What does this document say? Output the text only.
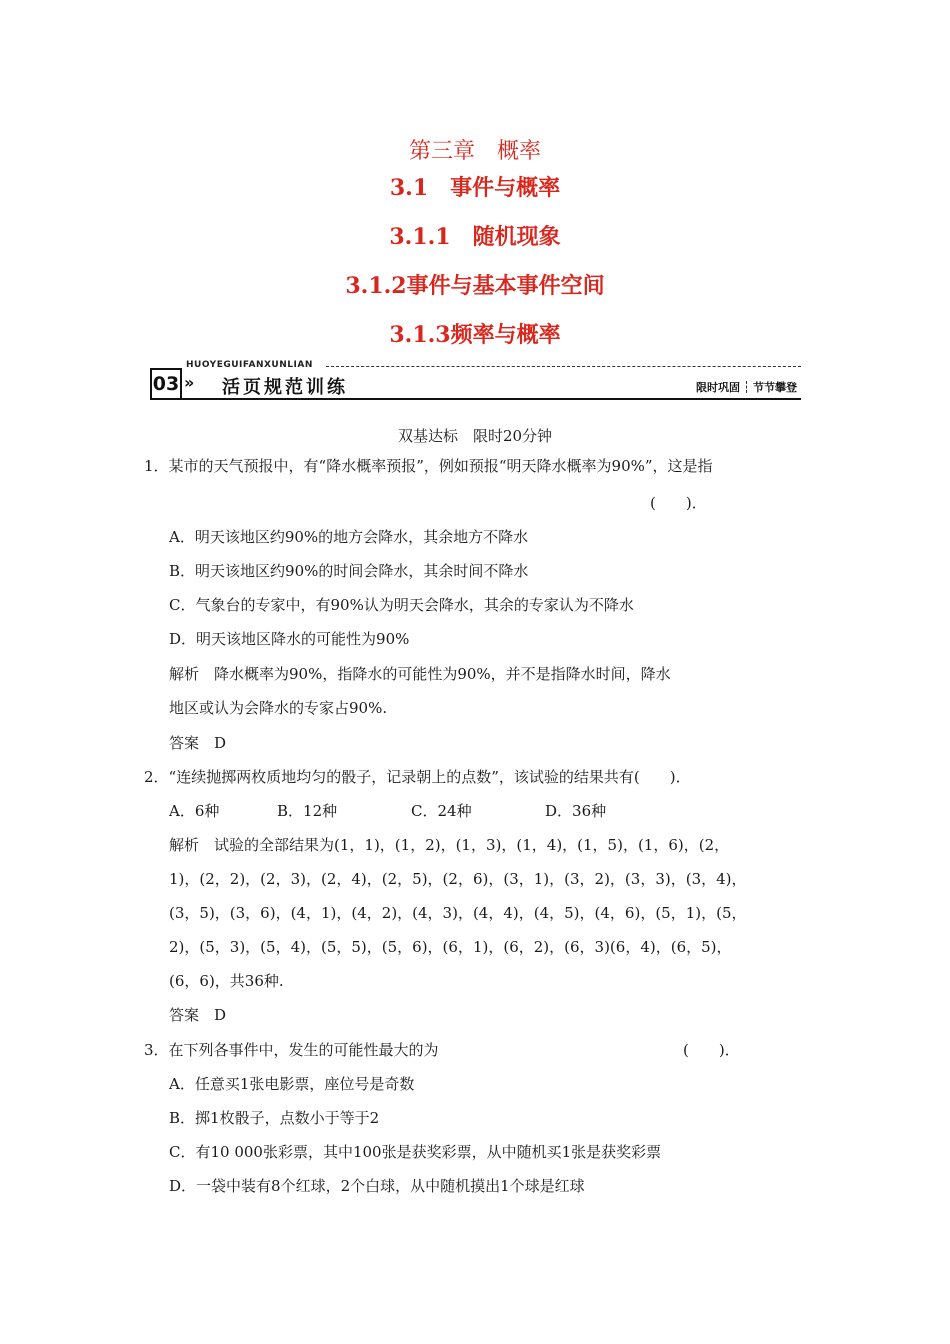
第三章　概率
3.1　事件与概率
3.1.1　随机现象
3.1.2事件与基本事件空间
3.1.3频率与概率
HUOYEGUIFANXUNLIAN
03 » 活页规范训练	限时巩固 节节攀登
双基达标　限时20分钟
1．某市的天气预报中，有“降水概率预报”，例如预报“明天降水概率为90%”，这是指
(　　)．
A．明天该地区约90%的地方会降水，其余地方不降水
B．明天该地区约90%的时间会降水，其余时间不降水
C．气象台的专家中，有90%认为明天会降水，其余的专家认为不降水
D．明天该地区降水的可能性为90%
解析　降水概率为90%，指降水的可能性为90%，并不是指降水时间，降水
地区或认为会降水的专家占90%.
答案　D
2．“连续抛掷两枚质地均匀的骰子，记录朝上的点数”，该试验的结果共有(　　)．
A．6种	B．12种	C．24种	D．36种
解析　试验的全部结果为(1，1)，(1，2)，(1，3)，(1，4)，(1，5)，(1，6)，(2，
1)，(2，2)，(2，3)，(2，4)，(2，5)，(2，6)，(3，1)，(3，2)，(3，3)，(3，4)，
(3，5)，(3，6)，(4，1)，(4，2)，(4，3)，(4，4)，(4，5)，(4，6)，(5，1)，(5，
2)，(5，3)，(5，4)，(5，5)，(5，6)，(6，1)，(6，2)，(6，3)(6，4)，(6，5)，
(6，6)，共36种.
答案　D
3．在下列各事件中，发生的可能性最大的为	(　　)．
A．任意买1张电影票，座位号是奇数
B．掷1枚骰子，点数小于等于2
C．有10 000张彩票，其中100张是获奖彩票，从中随机买1张是获奖彩票
D．一袋中装有8个红球，2个白球，从中随机摸出1个球是红球
